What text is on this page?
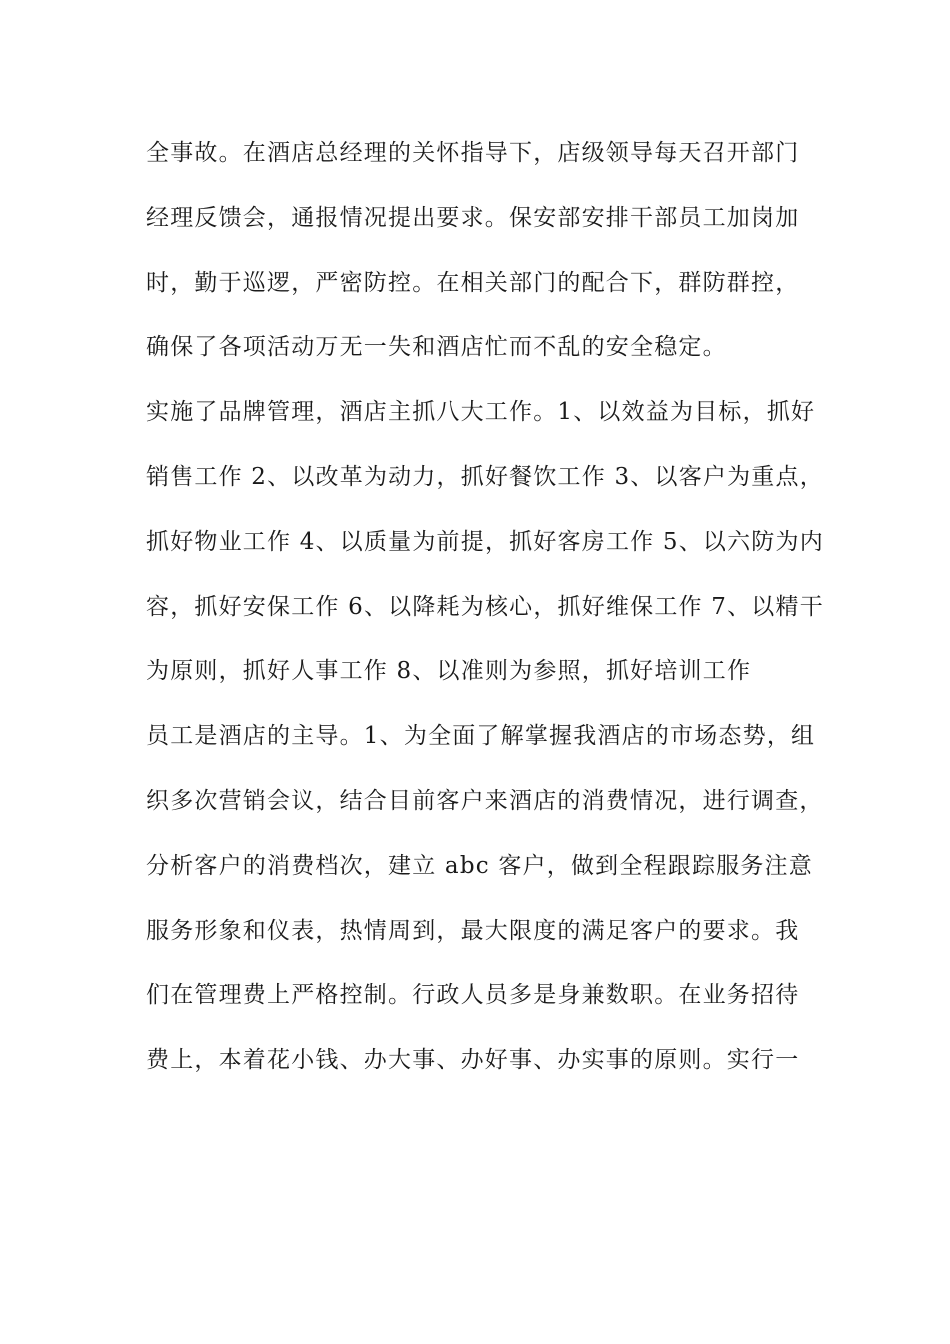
全事故。在酒店总经理的关怀指导下，店级领导每天召开部门
经理反馈会，通报情况提出要求。保安部安排干部员工加岗加
时，勤于巡逻，严密防控。在相关部门的配合下，群防群控，
确保了各项活动万无一失和酒店忙而不乱的安全稳定。
实施了品牌管理，酒店主抓八大工作。1、以效益为目标，抓好
销售工作 2、以改革为动力，抓好餐饮工作 3、以客户为重点，
抓好物业工作 4、以质量为前提，抓好客房工作 5、以六防为内
容，抓好安保工作 6、以降耗为核心，抓好维保工作 7、以精干
为原则，抓好人事工作 8、以准则为参照，抓好培训工作
员工是酒店的主导。1、为全面了解掌握我酒店的市场态势，组
织多次营销会议，结合目前客户来酒店的消费情况，进行调查，
分析客户的消费档次，建立 abc 客户，做到全程跟踪服务注意
服务形象和仪表，热情周到，最大限度的满足客户的要求。我
们在管理费上严格控制。行政人员多是身兼数职。在业务招待
费上，本着花小钱、办大事、办好事、办实事的原则。实行一
